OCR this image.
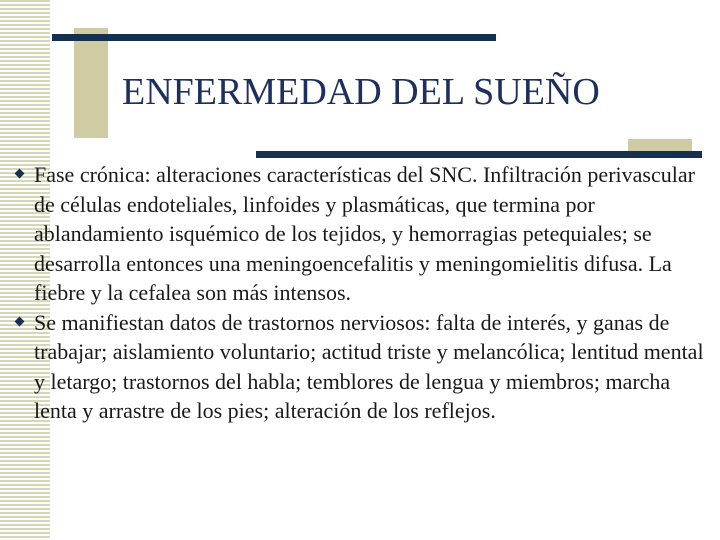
ENFERMEDAD DEL SUEÑO
Fase crónica: alteraciones características del SNC. Infiltración perivascular de células endoteliales, linfoides y plasmáticas, que termina por ablandamiento isquémico de los tejidos, y hemorragias petequiales; se desarrolla entonces una meningoencefalitis y meningomielitis difusa. La fiebre y la cefalea son más intensos.
Se manifiestan datos de trastornos nerviosos: falta de interés, y ganas de trabajar; aislamiento voluntario; actitud triste y melancólica; lentitud mental y letargo; trastornos del habla; temblores de lengua y miembros; marcha lenta y arrastre de los pies; alteración de los reflejos.
